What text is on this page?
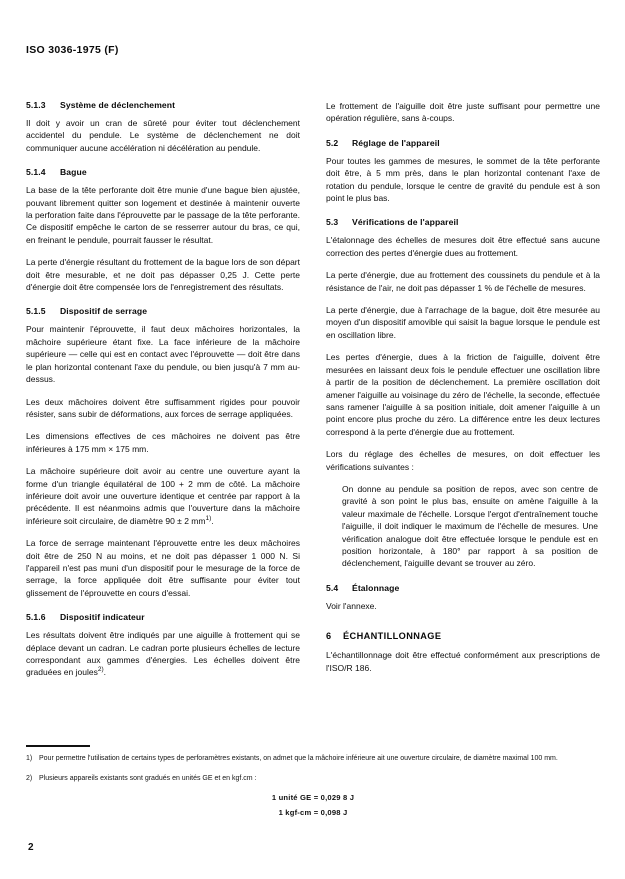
ISO 3036-1975 (F)
5.1.3 Système de déclenchement

Il doit y avoir un cran de sûreté pour éviter tout déclenchement accidentel du pendule. Le système de déclenchement ne doit communiquer aucune accélération ni décélération au pendule.

5.1.4 Bague

La base de la tête perforante doit être munie d'une bague bien ajustée, pouvant librement quitter son logement et destinée à maintenir ouverte la perforation faite dans l'éprouvette par le passage de la tête perforante. Ce dispositif empêche le carton de se resserrer autour du bras, ce qui, en freinant le pendule, pourrait fausser le résultat.

La perte d'énergie résultant du frottement de la bague lors de son départ doit être mesurable, et ne doit pas dépasser 0,25 J. Cette perte d'énergie doit être compensée lors de l'enregistrement des résultats.

5.1.5 Dispositif de serrage

Pour maintenir l'éprouvette, il faut deux mâchoires horizontales, la mâchoire supérieure étant fixe. La face inférieure de la mâchoire supérieure — celle qui est en contact avec l'éprouvette — doit être dans le plan horizontal contenant l'axe du pendule, ou bien jusqu'à 7 mm au-dessus.

Les deux mâchoires doivent être suffisamment rigides pour pouvoir résister, sans subir de déformations, aux forces de serrage appliquées.

Les dimensions effectives de ces mâchoires ne doivent pas être inférieures à 175 mm × 175 mm.

La mâchoire supérieure doit avoir au centre une ouverture ayant la forme d'un triangle équilatéral de 100 + 2 mm de côté. La mâchoire inférieure doit avoir une ouverture identique et centrée par rapport à la précédente. Il est néanmoins admis que l'ouverture dans la mâchoire inférieure soit circulaire, de diamètre 90 ± 2 $mm^{1)}$.

La force de serrage maintenant l'éprouvette entre les deux mâchoires doit être de 250 N au moins, et ne doit pas dépasser 1 000 N. Si l'appareil n'est pas muni d'un dispositif pour le mesurage de la force de serrage, la force appliquée doit être suffisante pour éviter tout glissement de l'éprouvette en cours d'essai.

5.1.6 Dispositif indicateur

Les résultats doivent être indiqués par une aiguille à frottement qui se déplace devant un cadran. Le cadran porte plusieurs échelles de lecture correspondant aux gammes d'énergies. Les échelles doivent être graduées en joules$^{2)}$.

Le frottement de l'aiguille doit être juste suffisant pour permettre une opération régulière, sans à-coups.

5.2 Réglage de l'appareil

Pour toutes les gammes de mesures, le sommet de la tête perforante doit être, à 5 mm près, dans le plan horizontal contenant l'axe de rotation du pendule, lorsque le centre de gravité du pendule est à son point le plus bas.

5.3 Vérifications de l'appareil

L'étalonnage des échelles de mesures doit être effectué sans aucune correction des pertes d'énergie dues au frottement.

La perte d'énergie, due au frottement des coussinets du pendule et à la résistance de l'air, ne doit pas dépasser 1 % de l'échelle de mesures.

La perte d'énergie, due à l'arrachage de la bague, doit être mesurée au moyen d'un dispositif amovible qui saisit la bague lorsque le pendule est en oscillation libre.

Les pertes d'énergie, dues à la friction de l'aiguille, doivent être mesurées en laissant deux fois le pendule effectuer une oscillation libre à partir de la position de déclenchement. La première oscillation doit amener l'aiguille au voisinage du zéro de l'échelle, la seconde, effectuée sans ramener l'aiguille à sa position initiale, doit amener l'aiguille à un point encore plus proche du zéro. La différence entre les deux lectures correspond à la perte d'énergie due au frottement.

Lors du réglage des échelles de mesures, on doit effectuer les vérifications suivantes :

On donne au pendule sa position de repos, avec son centre de gravité à son point le plus bas, ensuite on amène l'aiguille à la valeur maximale de l'échelle. Lorsque l'ergot d'entraînement touche l'aiguille, il doit indiquer le maximum de l'échelle de mesures. Une vérification analogue doit être effectuée lorsque le pendule est en position horizontale, à 180° par rapport à sa position de déclenchement, l'aiguille devant se trouver au zéro.

5.4 Étalonnage

Voir l'annexe.

6 ÉCHANTILLONNAGE

L'échantillonnage doit être effectué conformément aux prescriptions de l'ISO/R 186.

1) Pour permettre l'utilisation de certains types de perforamètres existants, on admet que la mâchoire inférieure ait une ouverture circulaire, de diamètre maximal 100 mm.

2) Plusieurs appareils existants sont gradués en unités GE et en kgf.cm :

1 unité GE = 0,029 8 J
1 kgf-cm = 0,098 J
2
